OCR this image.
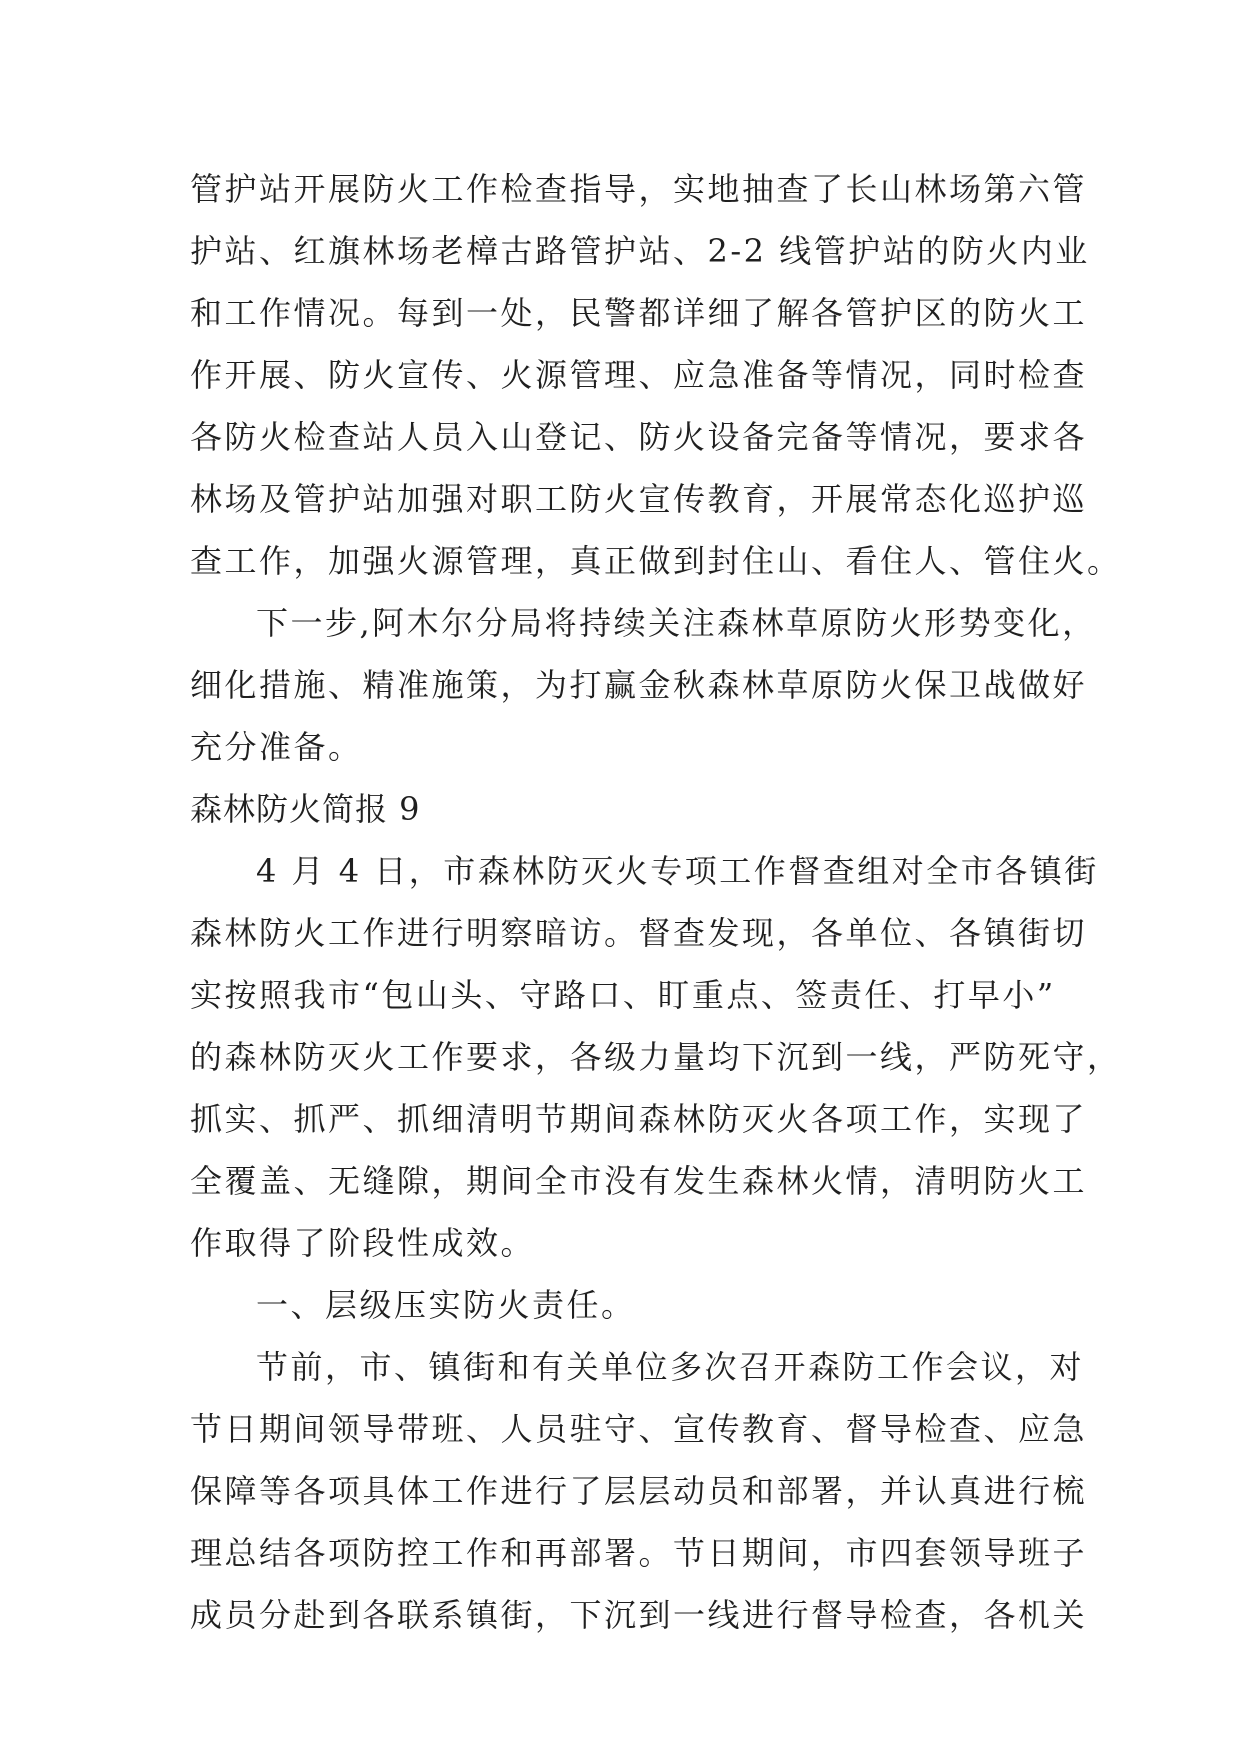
管护站开展防火工作检查指导，实地抽查了长山林场第六管
护站、红旗林场老樟古路管护站、2-2 线管护站的防火内业
和工作情况。每到一处，民警都详细了解各管护区的防火工
作开展、防火宣传、火源管理、应急准备等情况，同时检查
各防火检查站人员入山登记、防火设备完备等情况，要求各
林场及管护站加强对职工防火宣传教育，开展常态化巡护巡
查工作，加强火源管理，真正做到封住山、看住人、管住火。
下一步,阿木尔分局将持续关注森林草原防火形势变化，
细化措施、精准施策，为打赢金秋森林草原防火保卫战做好
充分准备。
森林防火简报 9
4 月 4 日，市森林防灭火专项工作督查组对全市各镇街
森林防火工作进行明察暗访。督查发现，各单位、各镇街切
实按照我市“包山头、守路口、盯重点、签责任、打早小”
的森林防灭火工作要求，各级力量均下沉到一线，严防死守，
抓实、抓严、抓细清明节期间森林防灭火各项工作，实现了
全覆盖、无缝隙，期间全市没有发生森林火情，清明防火工
作取得了阶段性成效。
一、层级压实防火责任。
节前，市、镇街和有关单位多次召开森防工作会议，对
节日期间领导带班、人员驻守、宣传教育、督导检查、应急
保障等各项具体工作进行了层层动员和部署，并认真进行梳
理总结各项防控工作和再部署。节日期间，市四套领导班子
成员分赴到各联系镇街，下沉到一线进行督导检查，各机关
